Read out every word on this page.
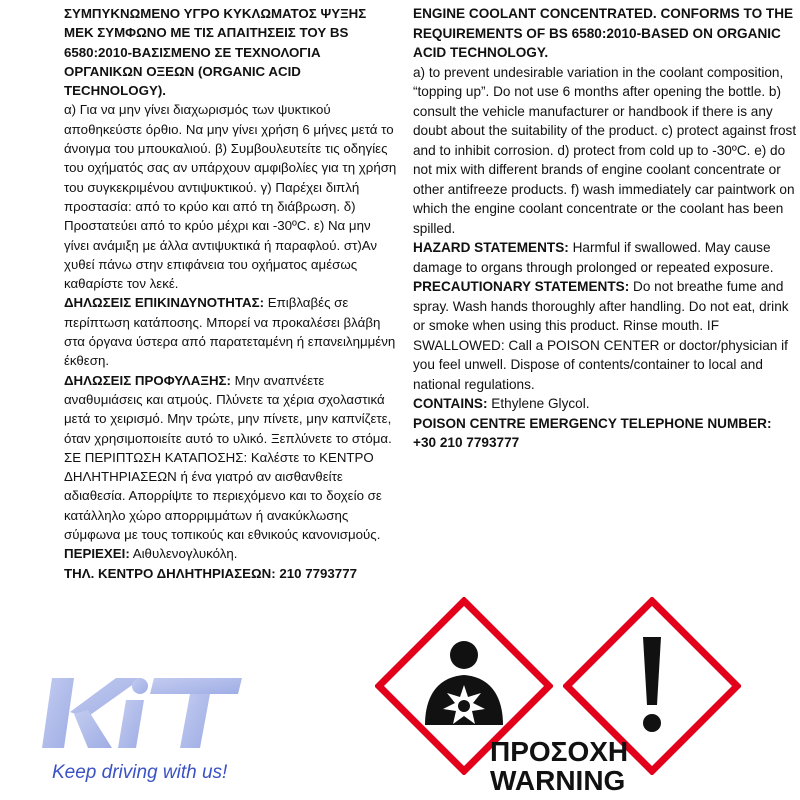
ΣΥΜΠΥΚΝΩΜΕΝΟ ΥΓΡΟ ΚΥΚΛΩΜΑΤΟΣ ΨΥΞΗΣ ΜΕΚ ΣΥΜΦΩΝΟ ΜΕ ΤΙΣ ΑΠΑΙΤΗΣΕΙΣ ΤΟΥ BS 6580:2010-ΒΑΣΙΣΜΕΝΟ ΣΕ ΤΕΧΝΟΛΟΓΙΑ ΟΡΓΑΝΙΚΩΝ ΟΞΕΩΝ (ORGANIC ACID TECHNOLOGY).

α) Για να μην γίνει διαχωρισμός των ψυκτικού αποθηκεύστε όρθιο. Να μην γίνει χρήση 6 μήνες μετά το άνοιγμα του μπουκαλιού. β) Συμβουλευτείτε τις οδηγίες του οχήματός σας αν υπάρχουν αμφιβολίες για τη χρήση του συγκεκριμένου αντιψυκτικού. γ) Παρέχει διπλή προστασία: από το κρύο και από τη διάβρωση. δ) Προστατεύει από το κρύο μέχρι και -30ºC. ε) Να μην γίνει ανάμιξη με άλλα αντιψυκτικά ή παραφλού. στ)Αν χυθεί πάνω στην επιφάνεια του οχήματος αμέσως καθαρίστε τον λεκέ.

ΔΗΛΩΣΕΙΣ ΕΠΙΚΙΝΔΥΝΟΤΗΤΑΣ: Επιβλαβές σε περίπτωση κατάποσης. Μπορεί να προκαλέσει βλάβη στα όργανα ύστερα από παρατεταμένη ή επανειλημμένη έκθεση.

ΔΗΛΩΣΕΙΣ ΠΡΟΦΥΛΑΞΗΣ: Μην αναπνέετε αναθυμιάσεις και ατμούς. Πλύνετε τα χέρια σχολαστικά μετά το χειρισμό. Μην τρώτε, μην πίνετε, μην καπνίζετε, όταν χρησιμοποιείτε αυτό το υλικό. Ξεπλύνετε το στόμα. ΣΕ ΠΕΡΙΠΤΩΣΗ ΚΑΤΑΠΟΣΗΣ: Καλέστε το ΚΕΝΤΡΟ ΔΗΛΗΤΗΡΙΑΣΕΩΝ ή ένα γιατρό αν αισθανθείτε αδιαθεσία. Απορρίψτε το περιεχόμενο και το δοχείο σε κατάλληλο χώρο απορριμμάτων ή ανακύκλωσης σύμφωνα με τους τοπικούς και εθνικούς κανονισμούς.

ΠΕΡΙΕΧΕΙ: Αιθυλενογλυκόλη.

ΤΗΛ. ΚΕΝΤΡΟ ΔΗΛΗΤΗΡΙΑΣΕΩΝ: 210 7793777
ENGINE COOLANT CONCENTRATED. CONFORMS TO THE REQUIREMENTS OF BS 6580:2010-BASED ON ORGANIC ACID TECHNOLOGY.

a) to prevent undesirable variation in the coolant composition, “topping up”. Do not use 6 months after opening the bottle. b) consult the vehicle manufacturer or handbook if there is any doubt about the suitability of the product. c) protect against frost and to inhibit corrosion. d) protect from cold up to -30ºC. e) do not mix with different brands of engine coolant concentrate or other antifreeze products. f) wash immediately car paintwork on which the engine coolant concentrate or the coolant has been spilled.

HAZARD STATEMENTS: Harmful if swallowed. May cause damage to organs through prolonged or repeated exposure.

PRECAUTIONARY STATEMENTS: Do not breathe fume and spray. Wash hands thoroughly after handling. Do not eat, drink or smoke when using this product. Rinse mouth. IF SWALLOWED: Call a POISON CENTER or doctor/physician if you feel unwell. Dispose of contents/container to local and national regulations.

CONTAINS: Ethylene Glycol.

POISON CENTRE EMERGENCY TELEPHONE NUMBER: +30 210 7793777
Keep driving with us!
ΠΡΟΣΟΧΗ
WARNING
